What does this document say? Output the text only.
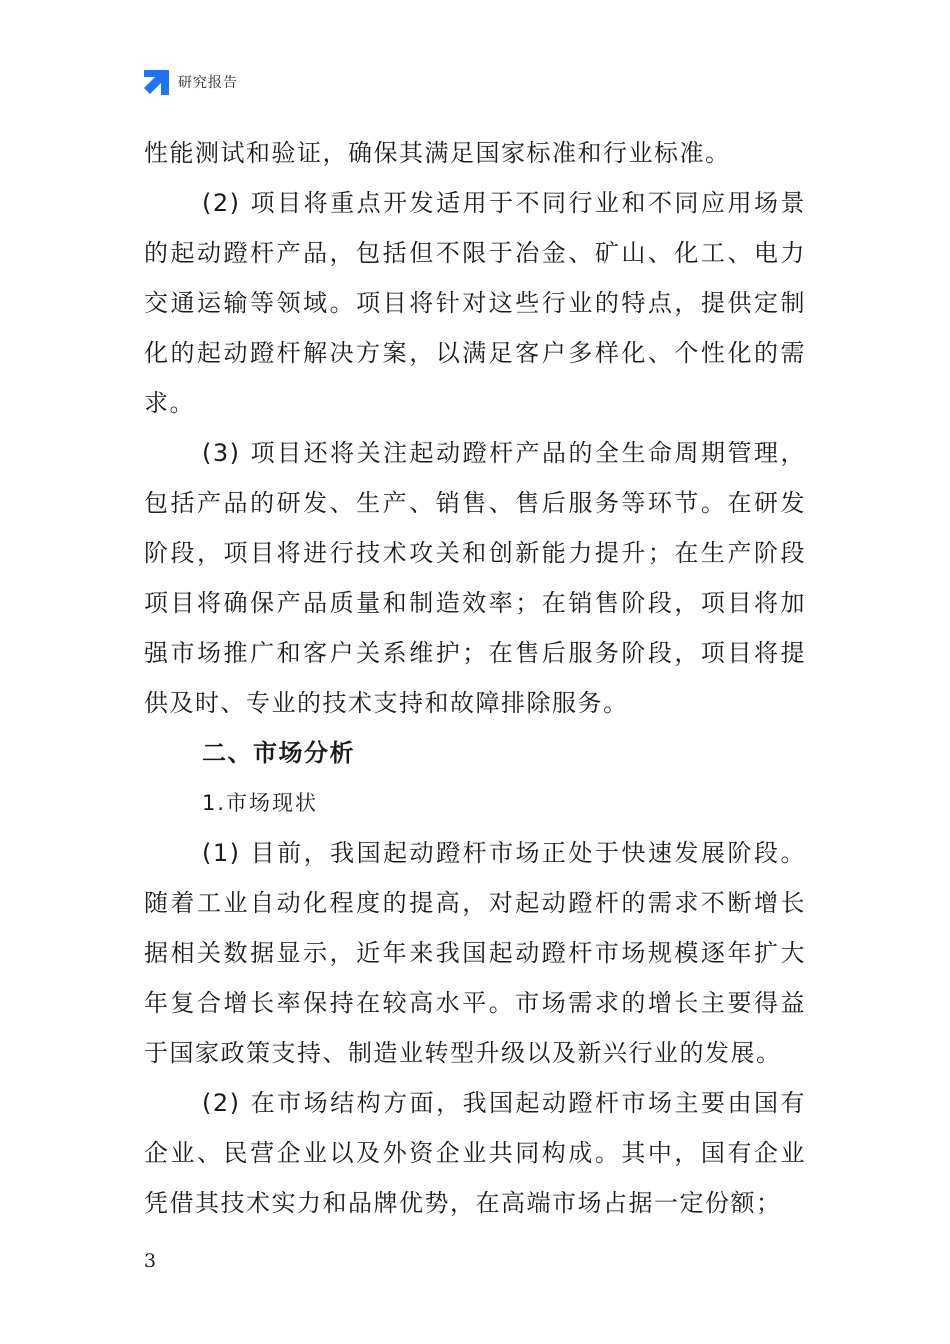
研究报告

性能测试和验证，确保其满足国家标准和行业标准。

(2) 项目将重点开发适用于不同行业和不同应用场景的起动蹬杆产品，包括但不限于冶金、矿山、化工、电力交通运输等领域。项目将针对这些行业的特点，提供定制化的起动蹬杆解决方案，以满足客户多样化、个性化的需求。

(3) 项目还将关注起动蹬杆产品的全生命周期管理，包括产品的研发、生产、销售、售后服务等环节。在研发阶段，项目将进行技术攻关和创新能力提升；在生产阶段项目将确保产品质量和制造效率；在销售阶段，项目将加强市场推广和客户关系维护；在售后服务阶段，项目将提供及时、专业的技术支持和故障排除服务。

二、市场分析

1.市场现状

(1) 目前，我国起动蹬杆市场正处于快速发展阶段。随着工业自动化程度的提高，对起动蹬杆的需求不断增长据相关数据显示，近年来我国起动蹬杆市场规模逐年扩大年复合增长率保持在较高水平。市场需求的增长主要得益于国家政策支持、制造业转型升级以及新兴行业的发展。

(2) 在市场结构方面，我国起动蹬杆市场主要由国有企业、民营企业以及外资企业共同构成。其中，国有企业凭借其技术实力和品牌优势，在高端市场占据一定份额；

3
